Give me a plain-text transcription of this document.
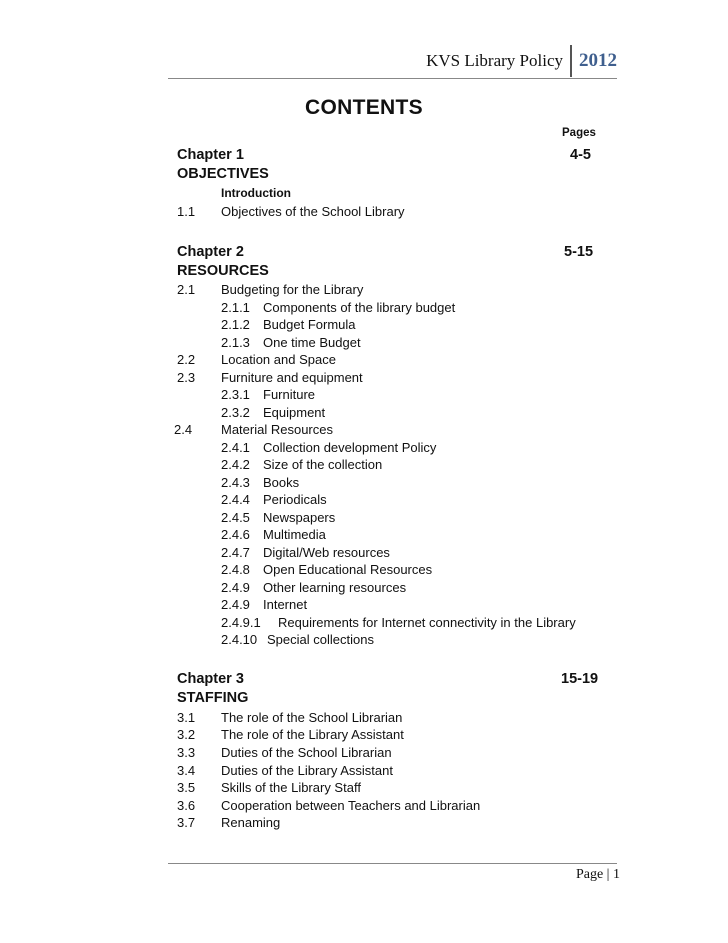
KVS Library Policy 2012
CONTENTS
Pages
Chapter 1	4-5
OBJECTIVES
Introduction
1.1 Objectives of the School Library
Chapter 2	5-15
RESOURCES
2.1 Budgeting for the Library
2.1.1 Components of the library budget
2.1.2 Budget Formula
2.1.3 One time Budget
2.2 Location and Space
2.3 Furniture and equipment
2.3.1 Furniture
2.3.2 Equipment
2.4 Material Resources
2.4.1 Collection development Policy
2.4.2 Size of the collection
2.4.3 Books
2.4.4 Periodicals
2.4.5 Newspapers
2.4.6 Multimedia
2.4.7 Digital/Web resources
2.4.8 Open Educational Resources
2.4.9 Other learning resources
2.4.9 Internet
2.4.9.1 Requirements for Internet connectivity in the Library
2.4.10 Special collections
Chapter 3	15-19
STAFFING
3.1 The role of the School Librarian
3.2 The role of the Library Assistant
3.3 Duties of the School Librarian
3.4 Duties of the Library Assistant
3.5 Skills of the Library Staff
3.6 Cooperation between Teachers and Librarian
3.7 Renaming
Page | 1
